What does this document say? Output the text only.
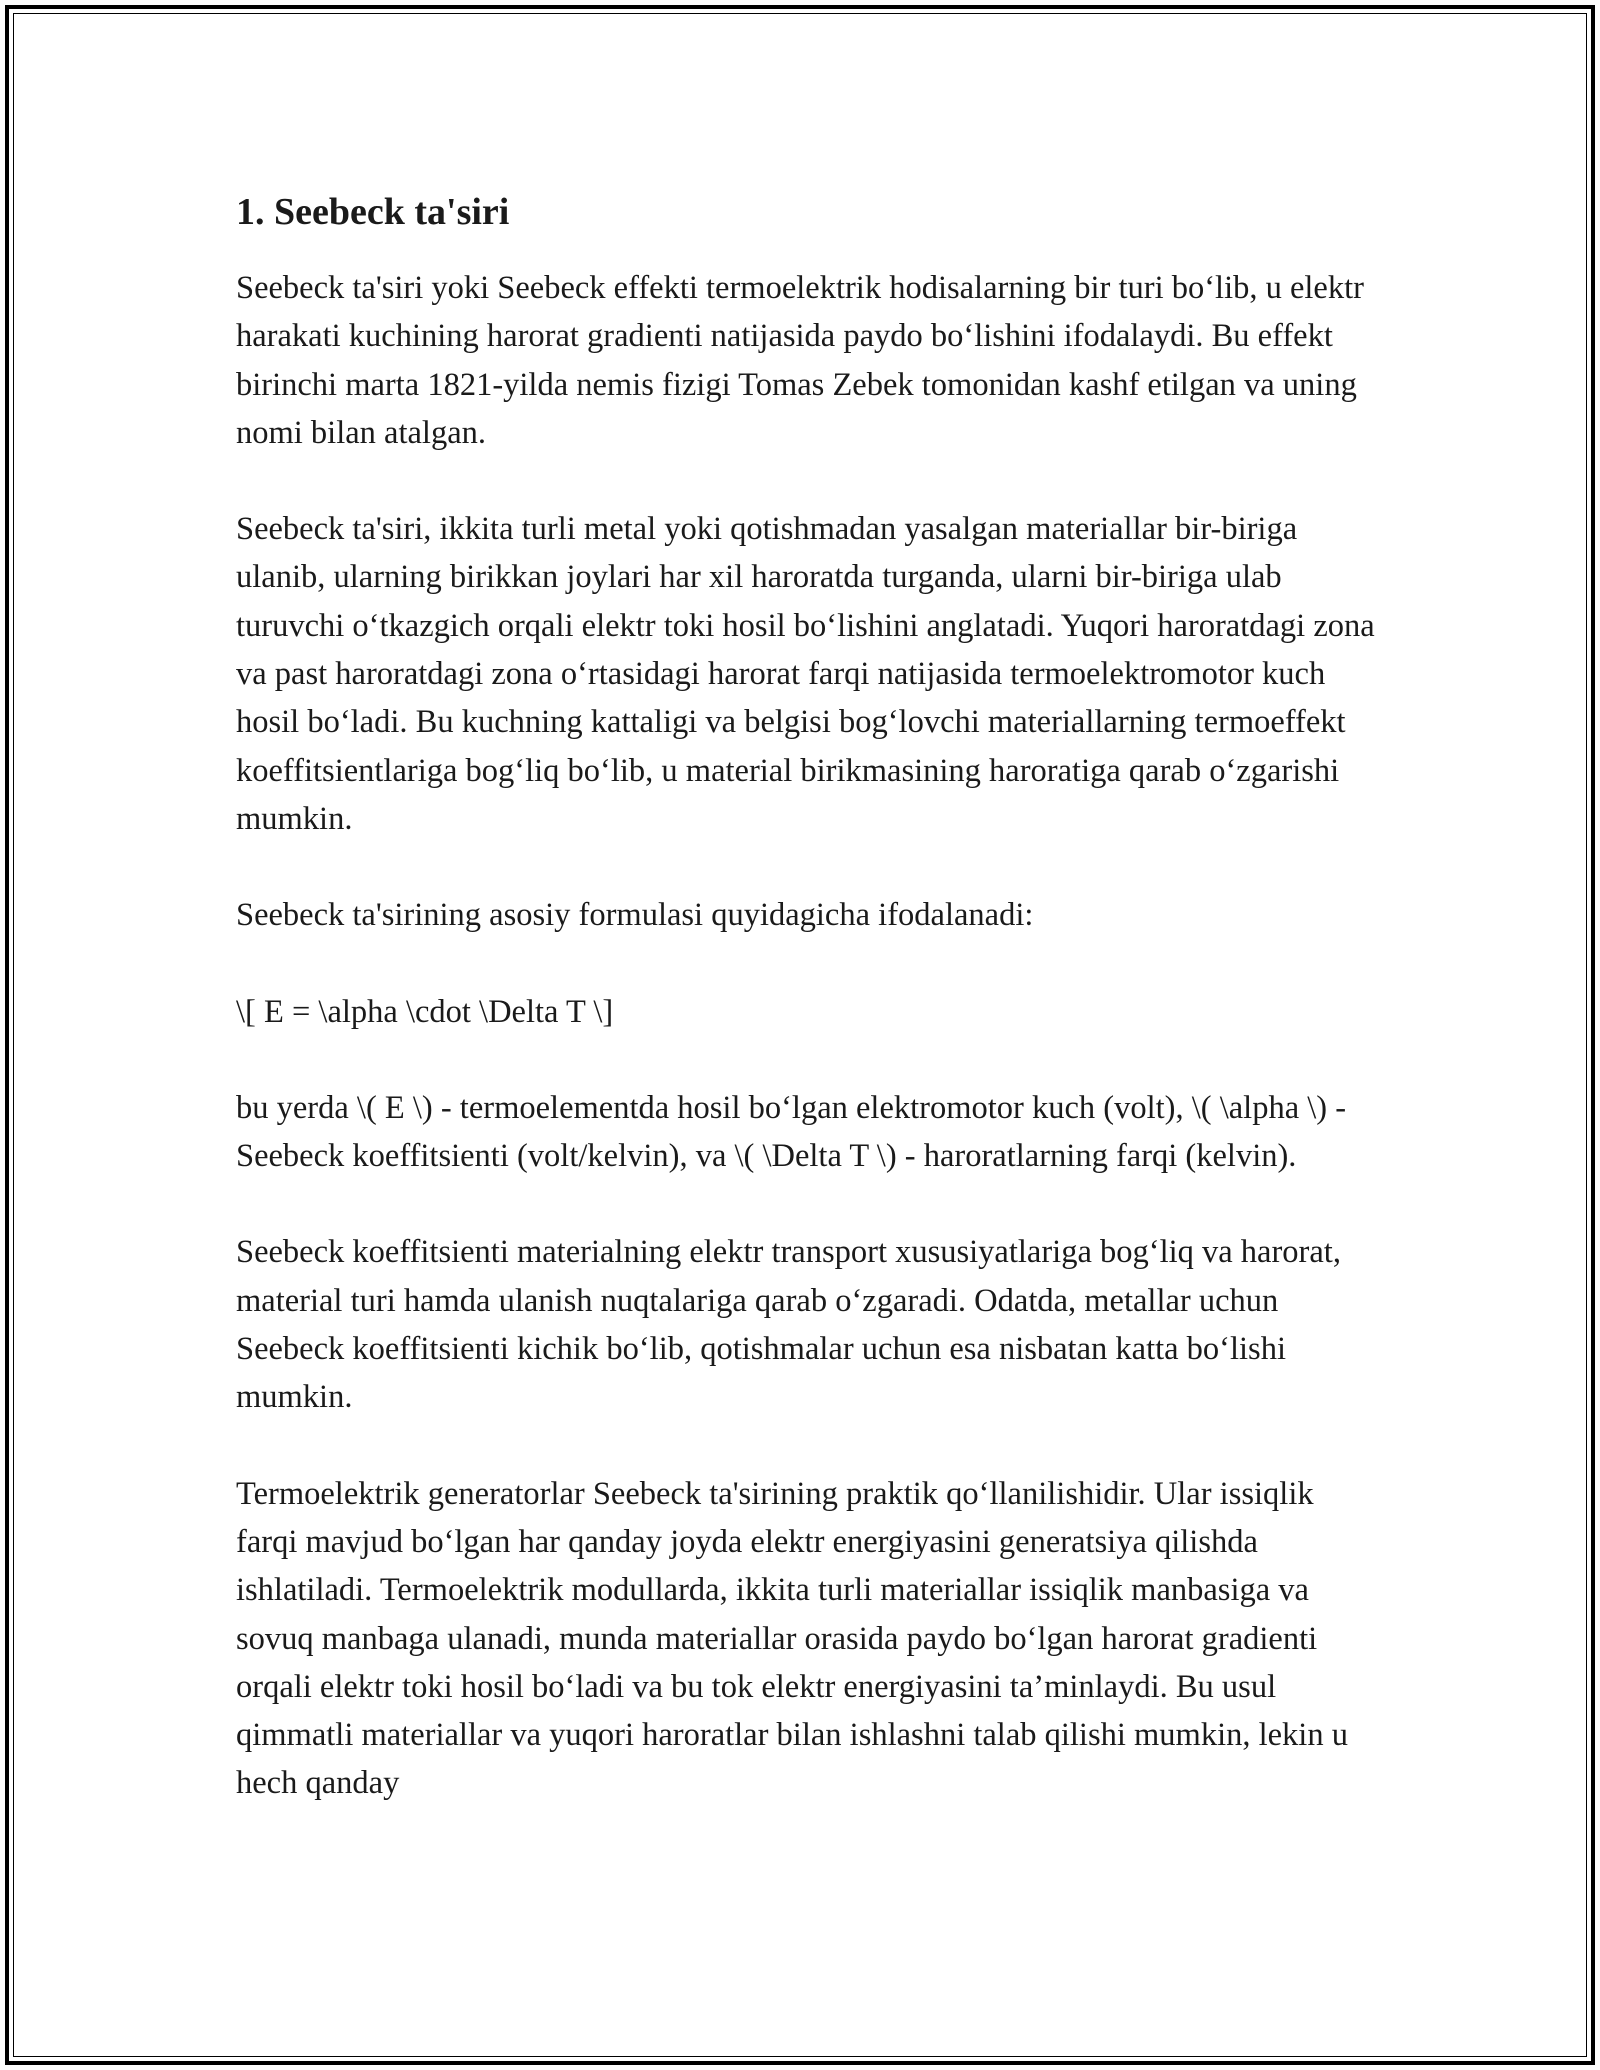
1. Seebeck ta'siri

Seebeck ta'siri yoki Seebeck effekti termoelektrik hodisalarning bir turi bo‘lib, u elektr harakati kuchining harorat gradienti natijasida paydo bo‘lishini ifodalaydi. Bu effekt birinchi marta 1821-yilda nemis fizigi Tomas Zebek tomonidan kashf etilgan va uning nomi bilan atalgan.

Seebeck ta'siri, ikkita turli metal yoki qotishmadan yasalgan materiallar bir-biriga ulanib, ularning birikkan joylari har xil haroratda turganda, ularni bir-biriga ulab turuvchi o‘tkazgich orqali elektr toki hosil bo‘lishini anglatadi. Yuqori haroratdagi zona va past haroratdagi zona o‘rtasidagi harorat farqi natijasida termoelektromotor kuch hosil bo‘ladi. Bu kuchning kattaligi va belgisi bog‘lovchi materiallarning termoeffekt koeffitsientlariga bog‘liq bo‘lib, u material birikmasining haroratiga qarab o‘zgarishi mumkin.

Seebeck ta'sirining asosiy formulasi quyidagicha ifodalanadi:

\[ E = \alpha \cdot \Delta T \]

bu yerda \( E \) - termoelementda hosil bo‘lgan elektromotor kuch (volt), \( \alpha \) - Seebeck koeffitsienti (volt/kelvin), va \( \Delta T \) - haroratlarning farqi (kelvin).

Seebeck koeffitsienti materialning elektr transport xususiyatlariga bog‘liq va harorat, material turi hamda ulanish nuqtalariga qarab o‘zgaradi. Odatda, metallar uchun Seebeck koeffitsienti kichik bo‘lib, qotishmalar uchun esa nisbatan katta bo‘lishi mumkin.

Termoelektrik generatorlar Seebeck ta'sirining praktik qo‘llanilishidir. Ular issiqlik farqi mavjud bo‘lgan har qanday joyda elektr energiyasini generatsiya qilishda ishlatiladi. Termoelektrik modullarda, ikkita turli materiallar issiqlik manbasiga va sovuq manbaga ulanadi, munda materiallar orasida paydo bo‘lgan harorat gradienti orqali elektr toki hosil bo‘ladi va bu tok elektr energiyasini ta’minlaydi. Bu usul qimmatli materiallar va yuqori haroratlar bilan ishlashni talab qilishi mumkin, lekin u hech qanday
